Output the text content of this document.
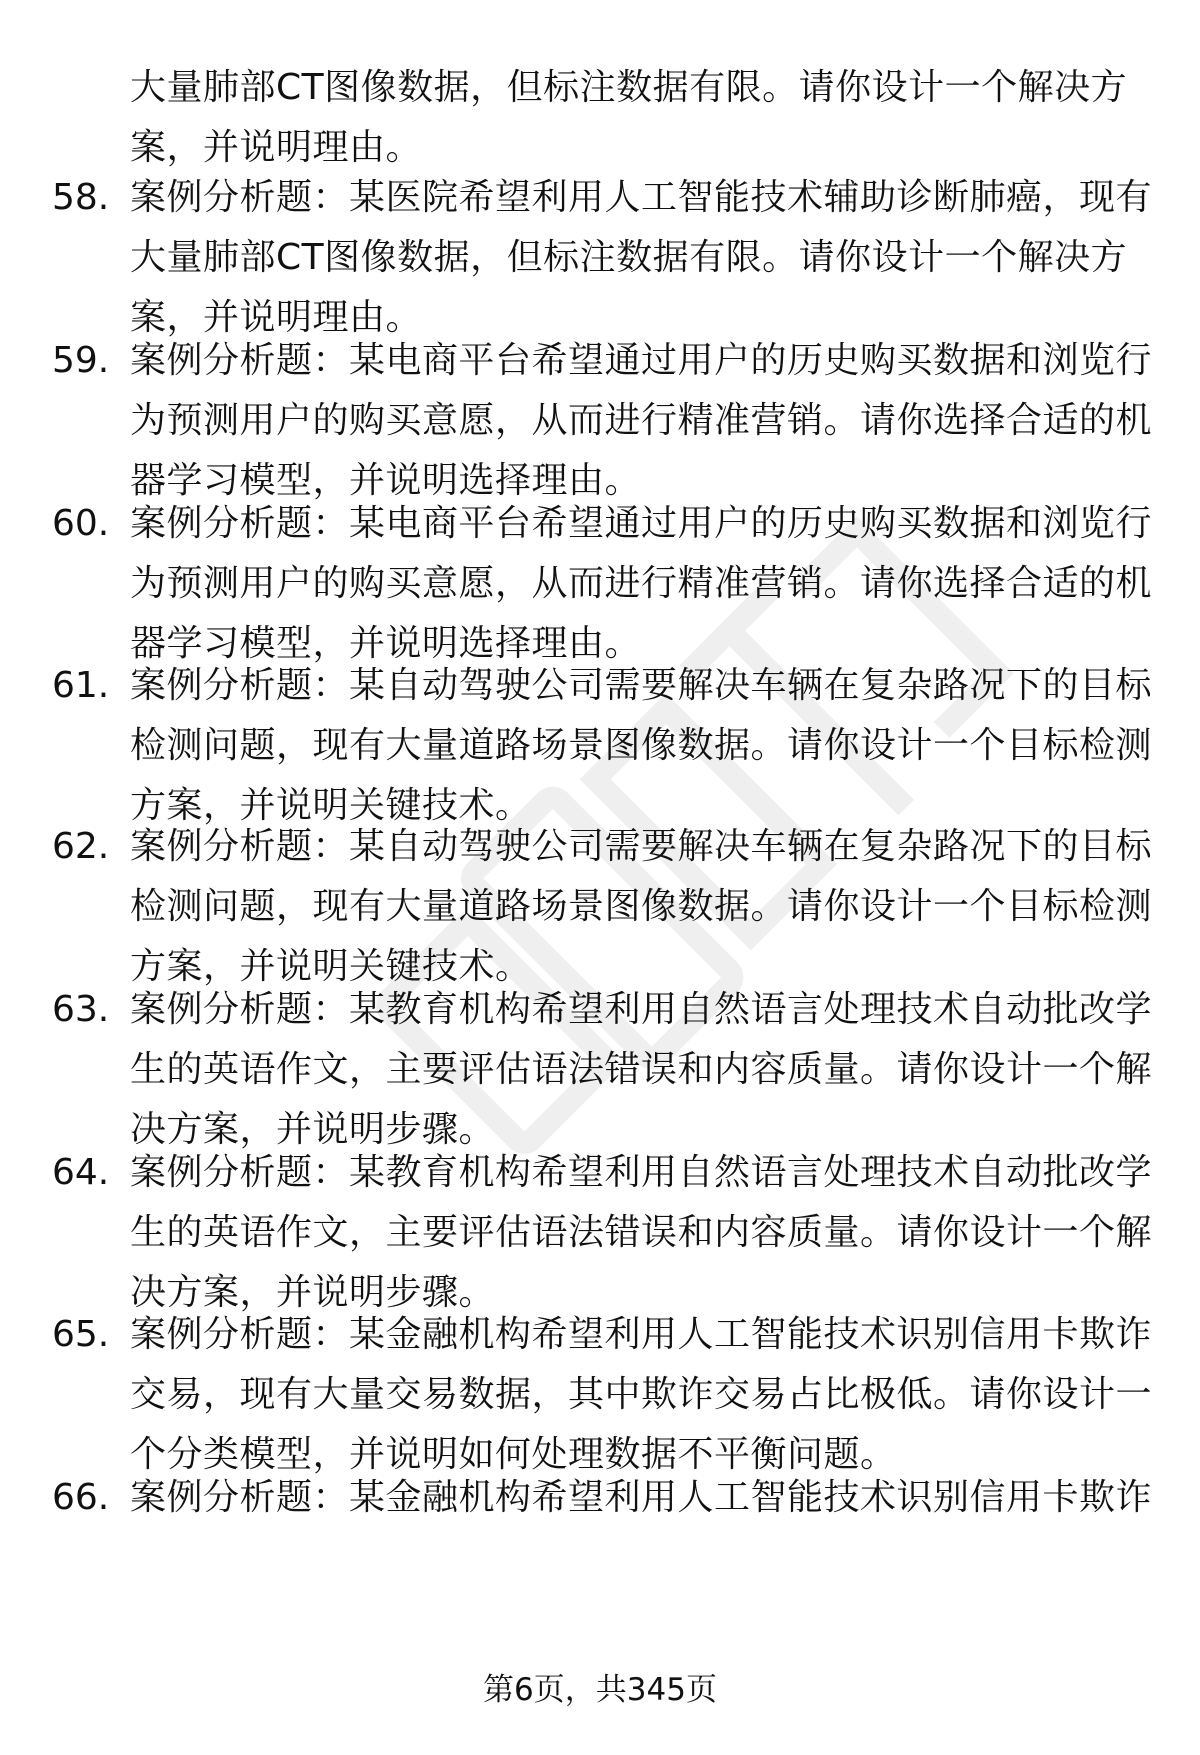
大量肺部CT图像数据，但标注数据有限。请你设计一个解决方
案，并说明理由。
58. 案例分析题：某医院希望利用人工智能技术辅助诊断肺癌，现有
大量肺部CT图像数据，但标注数据有限。请你设计一个解决方
案，并说明理由。
59. 案例分析题：某电商平台希望通过用户的历史购买数据和浏览行
为预测用户的购买意愿，从而进行精准营销。请你选择合适的机
器学习模型，并说明选择理由。
60. 案例分析题：某电商平台希望通过用户的历史购买数据和浏览行
为预测用户的购买意愿，从而进行精准营销。请你选择合适的机
器学习模型，并说明选择理由。
61. 案例分析题：某自动驾驶公司需要解决车辆在复杂路况下的目标
检测问题，现有大量道路场景图像数据。请你设计一个目标检测
方案，并说明关键技术。
62. 案例分析题：某自动驾驶公司需要解决车辆在复杂路况下的目标
检测问题，现有大量道路场景图像数据。请你设计一个目标检测
方案，并说明关键技术。
63. 案例分析题：某教育机构希望利用自然语言处理技术自动批改学
生的英语作文，主要评估语法错误和内容质量。请你设计一个解
决方案，并说明步骤。
64. 案例分析题：某教育机构希望利用自然语言处理技术自动批改学
生的英语作文，主要评估语法错误和内容质量。请你设计一个解
决方案，并说明步骤。
65. 案例分析题：某金融机构希望利用人工智能技术识别信用卡欺诈
交易，现有大量交易数据，其中欺诈交易占比极低。请你设计一
个分类模型，并说明如何处理数据不平衡问题。
66. 案例分析题：某金融机构希望利用人工智能技术识别信用卡欺诈
第6页，共345页
